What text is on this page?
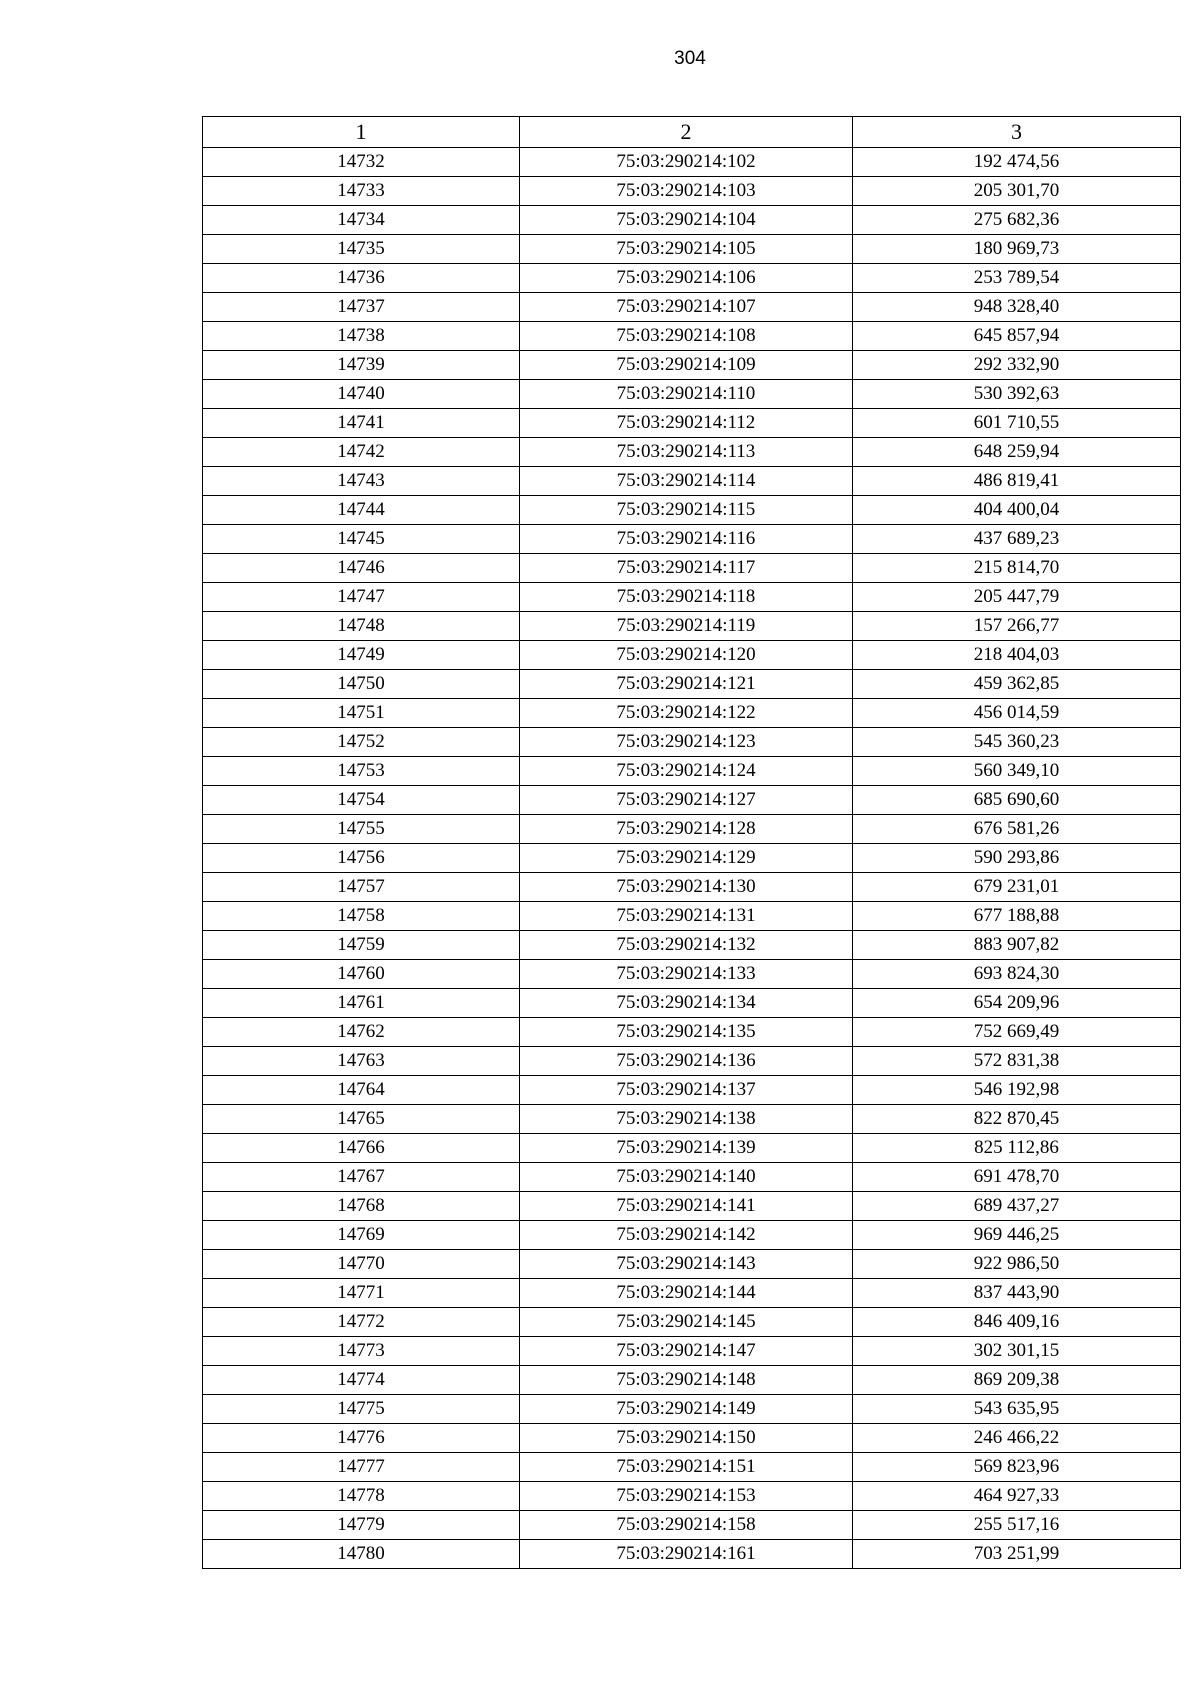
304
1	2	3
14732	75:03:290214:102	192 474,56
14733	75:03:290214:103	205 301,70
14734	75:03:290214:104	275 682,36
14735	75:03:290214:105	180 969,73
14736	75:03:290214:106	253 789,54
14737	75:03:290214:107	948 328,40
14738	75:03:290214:108	645 857,94
14739	75:03:290214:109	292 332,90
14740	75:03:290214:110	530 392,63
14741	75:03:290214:112	601 710,55
14742	75:03:290214:113	648 259,94
14743	75:03:290214:114	486 819,41
14744	75:03:290214:115	404 400,04
14745	75:03:290214:116	437 689,23
14746	75:03:290214:117	215 814,70
14747	75:03:290214:118	205 447,79
14748	75:03:290214:119	157 266,77
14749	75:03:290214:120	218 404,03
14750	75:03:290214:121	459 362,85
14751	75:03:290214:122	456 014,59
14752	75:03:290214:123	545 360,23
14753	75:03:290214:124	560 349,10
14754	75:03:290214:127	685 690,60
14755	75:03:290214:128	676 581,26
14756	75:03:290214:129	590 293,86
14757	75:03:290214:130	679 231,01
14758	75:03:290214:131	677 188,88
14759	75:03:290214:132	883 907,82
14760	75:03:290214:133	693 824,30
14761	75:03:290214:134	654 209,96
14762	75:03:290214:135	752 669,49
14763	75:03:290214:136	572 831,38
14764	75:03:290214:137	546 192,98
14765	75:03:290214:138	822 870,45
14766	75:03:290214:139	825 112,86
14767	75:03:290214:140	691 478,70
14768	75:03:290214:141	689 437,27
14769	75:03:290214:142	969 446,25
14770	75:03:290214:143	922 986,50
14771	75:03:290214:144	837 443,90
14772	75:03:290214:145	846 409,16
14773	75:03:290214:147	302 301,15
14774	75:03:290214:148	869 209,38
14775	75:03:290214:149	543 635,95
14776	75:03:290214:150	246 466,22
14777	75:03:290214:151	569 823,96
14778	75:03:290214:153	464 927,33
14779	75:03:290214:158	255 517,16
14780	75:03:290214:161	703 251,99
